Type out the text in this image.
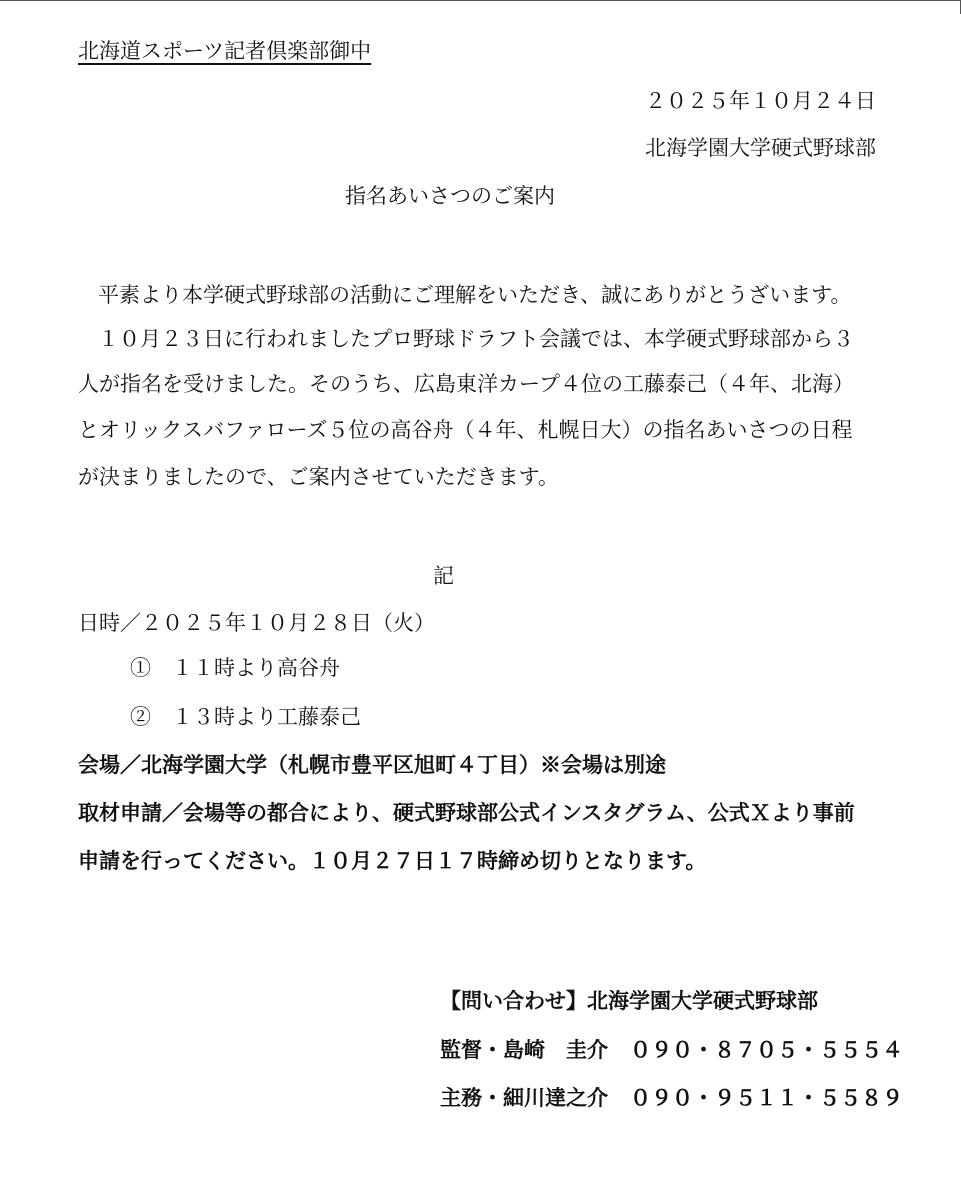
北海道スポーツ記者倶楽部御中
２０２５年１０月２４日
北海学園大学硬式野球部
指名あいさつのご案内
平素より本学硬式野球部の活動にご理解をいただき、誠にありがとうざいます。
１０月２３日に行われましたプロ野球ドラフト会議では、本学硬式野球部から３
人が指名を受けました。そのうち、広島東洋カープ４位の工藤泰己（４年、北海）
とオリックスバファローズ５位の高谷舟（４年、札幌日大）の指名あいさつの日程
が決まりましたので、ご案内させていただきます。
記
日時／２０２５年１０月２８日（火）
①　１１時より高谷舟
②　１３時より工藤泰己
会場／北海学園大学（札幌市豊平区旭町４丁目）※会場は別途
取材申請／会場等の都合により、硬式野球部公式インスタグラム、公式Ｘより事前
申請を行ってください。１０月２７日１７時締め切りとなります。
【問い合わせ】北海学園大学硬式野球部
監督・島崎　圭介 ０９０・８７０５・５５５４
主務・細川達之介 ０９０・９５１１・５５８９
